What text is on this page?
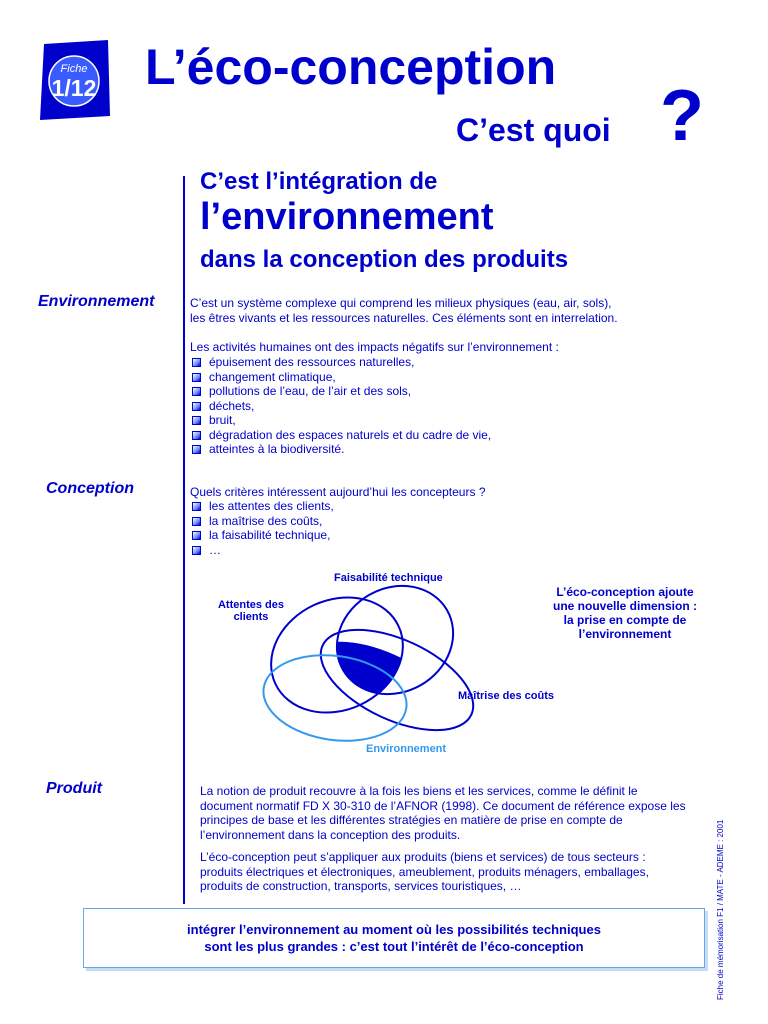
Fiche
1/12 L’éco-conception
C’est quoi ?
C’est l’intégration de
l’environnement
dans la conception des produits
Environnement	C’est un système complexe qui comprend les milieux physiques (eau, air, sols),

les êtres vivants et les ressources naturelles. Ces éléments sont en interrelation.

Les activités humaines ont des impacts négatifs sur l’environnement :
épuisement des ressources naturelles,
changement climatique,
pollutions de l’eau, de l’air et des sols,
déchets,
bruit,
dégradation des espaces naturels et du cadre de vie,
atteintes à la biodiversité.
Conception	Quels critères intéressent aujourd’hui les concepteurs ?
les attentes des clients,
la maîtrise des coûts,
la faisabilité technique,
…
Faisabilité technique
Attentes des
clients
Maîtrise des coûts
Environnement
L’éco-conception ajoute
une nouvelle dimension :
la prise en compte de
l’environnement
Produit	La notion de produit recouvre à la fois les biens et les services, comme le définit le document normatif FD X 30-310 de l’AFNOR (1998). Ce document de référence expose les principes de base et les différentes stratégies en matière de prise en compte de l’environnement dans la conception des produits.

L’éco-conception peut s’appliquer aux produits (biens et services) de tous secteurs : produits électriques et électroniques, ameublement, produits ménagers, emballages, produits de construction, transports, services touristiques, …

intégrer l’environnement au moment où les possibilités techniques
sont les plus grandes : c’est tout l’intérêt de l’éco-conception	Fiche de mémorisation F1 / MATE - ADEME : 2001
